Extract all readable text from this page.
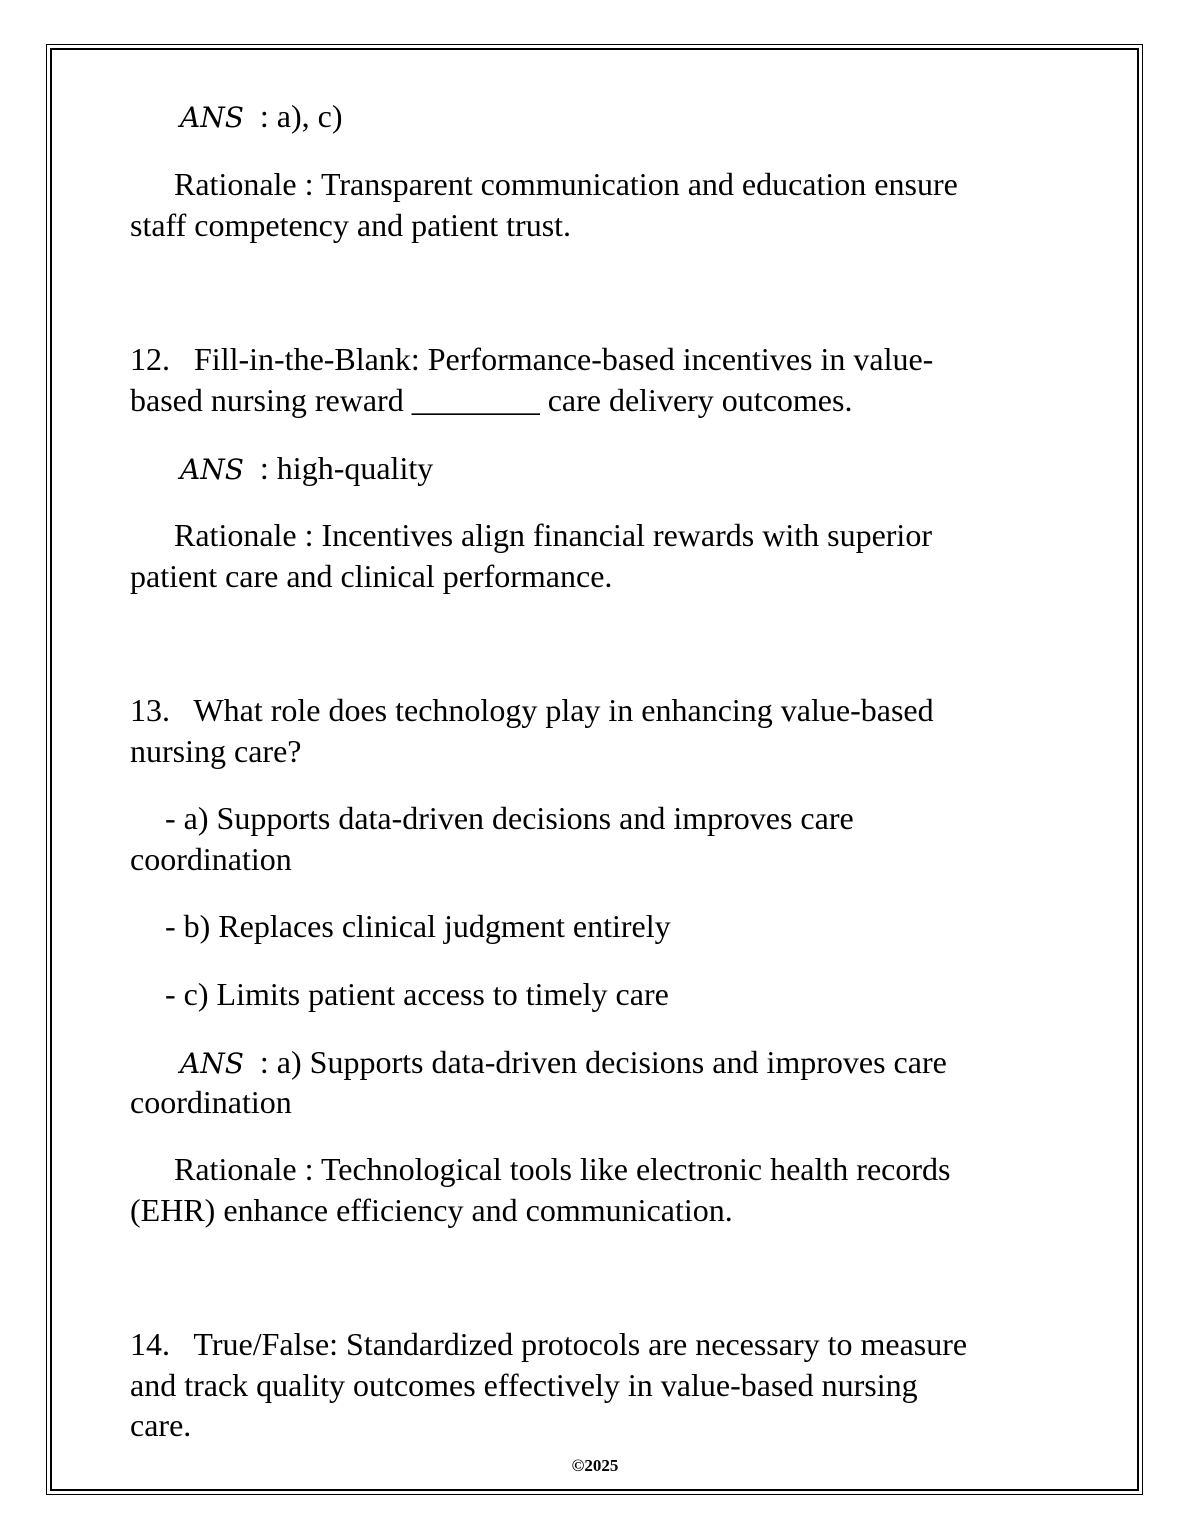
ANS  : a), c)
Rationale : Transparent communication and education ensure
staff competency and patient trust.
12.   Fill-in-the-Blank: Performance-based incentives in value-
based nursing reward ________ care delivery outcomes.
ANS  : high-quality
Rationale : Incentives align financial rewards with superior
patient care and clinical performance.
13.   What role does technology play in enhancing value-based
nursing care?
- a) Supports data-driven decisions and improves care
coordination
- b) Replaces clinical judgment entirely
- c) Limits patient access to timely care
ANS  : a) Supports data-driven decisions and improves care
coordination
Rationale : Technological tools like electronic health records
(EHR) enhance efficiency and communication.
14.   True/False: Standardized protocols are necessary to measure
and track quality outcomes effectively in value-based nursing
care.
©2025
